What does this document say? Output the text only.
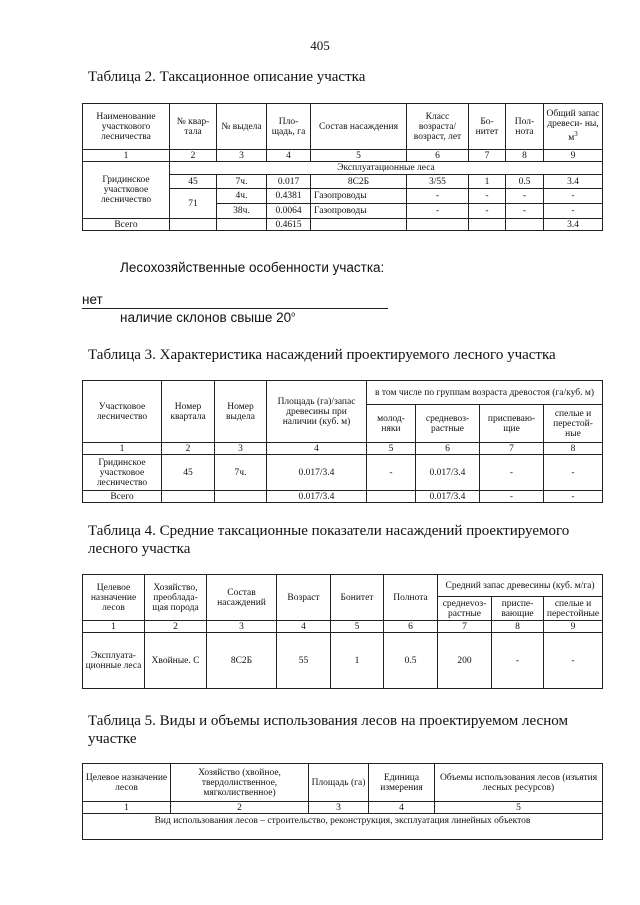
405
Таблица 2. Таксационное описание участка
Наименование участкового лесничества	№ квар- тала	№ выдела	Пло- щадь, га	Состав насаждения	Класс возраста/ возраст, лет	Бо- нитет	Пол- нота	Общий запас древеси- ны, $м^3$
1	2	3	4	5	6	7	8	9
Гридинское участковое лесничество	Эксплуатационные леса							
	45	7ч.	0.017	8С2Б	3/55	1	0.5	3.4
	71	4ч.	0.4381	Газопроводы	-	-	-	-
		38ч.	0.0064	Газопроводы	-	-	-	-
Всего			0.4615					3.4
Лесохозяйственные особенности участка:
нет
наличие склонов свыше $20^о$
Таблица 3. Характеристика насаждений проектируемого лесного участка
Участковое лесничество	Номер квартала	Номер выдела	Площадь (га)/запас древесины при наличии (куб. м)	в том числе по группам возраста древостоя (га/куб. м)			
				молод- няки	средневоз- растные	приспеваю- щие	спелые и перестой- ные
1	2	3	4	5	6	7	8
Гридинское участковое лесничество	45	7ч.	0.017/3.4	-	0.017/3.4	-	-
Всего			0.017/3.4		0.017/3.4	-	-
Таблица 4. Средние таксационные показатели насаждений проектируемого лесного участка
Целевое назначение лесов	Хозяйство, преоблада- щая порода	Состав насаждений	Возраст	Бонитет	Полнота	Средний запас древесины (куб. м/га)		
						среднevоз- растные	приспе- вающие	спелые и перестойные
1	2	3	4	5	6	7	8	9
Эксплуата- ционные леса	Хвойные. С	8С2Б	55	1	0.5	200	-	-
Таблица 5. Виды и объемы использования лесов на проектируемом лесном участке
Целевое назначение лесов	Хозяйство (хвойное, твердолиственное, мягколиственное)	Площадь (га)	Единица измерения	Объемы использования лесов (изъятия лесных ресурсов)
1	2	3	4	5
Вид использования лесов – строительство, реконструкция, эксплуатация линейных объектов				
